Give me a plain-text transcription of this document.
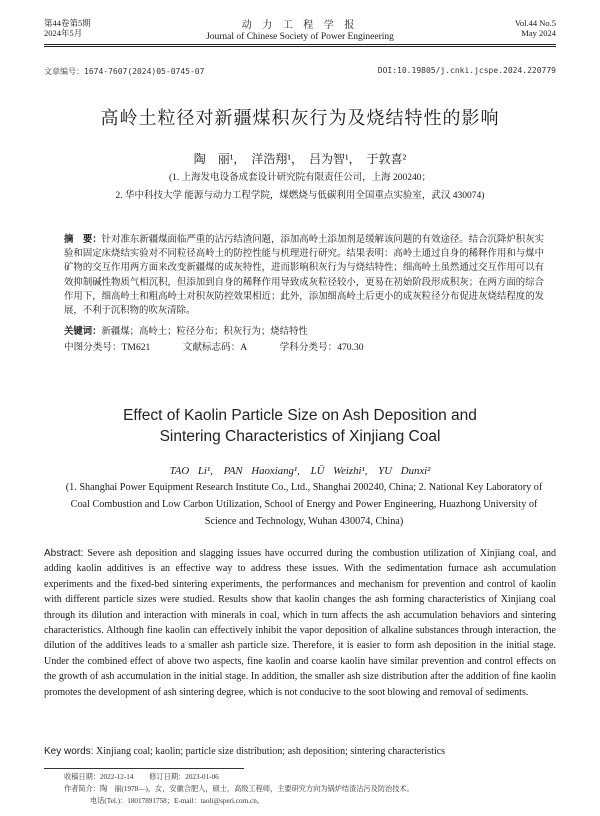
第44卷第5期
2024年5月
动 力 工 程 学 报
Journal of Chinese Society of Power Engineering
Vol.44 No.5
May 2024
文章编号：1674-7607(2024)05-0745-07	DOI:10.19805/j.cnki.jcspe.2024.220779
高岭土粒径对新疆煤积灰行为及烧结特性的影响
陶　丽¹，　洋浩翔¹，　吕为智¹，　于敦喜²
(1. 上海发电设备成套设计研究院有限责任公司，上海 200240；
2. 华中科技大学 能源与动力工程学院，煤燃烧与低碳利用全国重点实验室，武汉 430074)
摘　要：针对准东新疆煤面临严重的沾污结渣问题，添加高岭土添加剂是缓解该问题的有效途径。结合沉降炉积灰实验和固定床烧结实验对不同粒径高岭土的防控性能与机理进行研究。结果表明：高岭土通过自身的稀释作用和与煤中矿物的交互作用两方面来改变新疆煤的成灰特性，进而影响积灰行为与烧结特性；细高岭土虽然通过交互作用可以有效抑制碱性物质气相沉积，但添加到自身的稀释作用导致成灰粒径较小，更易在初始阶段形成积灰；在两方面的综合作用下，细高岭土和粗高岭土对积灰防控效果相近；此外，添加细高岭土后更小的成灰粒径分布促进灰烧结程度的发展，不利于沉积物的吹灰清除。
关键词：新疆煤；高岭土；粒径分布；积灰行为；烧结特性
中图分类号：TM621	文献标志码：A	学科分类号：470.30
Effect of Kaolin Particle Size on Ash Deposition and Sintering Characteristics of Xinjiang Coal
TAO Li¹,　PAN Haoxiang¹,　LÜ Weizhi¹,　YU Dunxi²
(1. Shanghai Power Equipment Research Institute Co., Ltd., Shanghai 200240, China; 2. National Key Laboratory of Coal Combustion and Low Carbon Utilization, School of Energy and Power Engineering, Huazhong University of Science and Technology, Wuhan 430074, China)
Abstract: Severe ash deposition and slagging issues have occurred during the combustion utilization of Xinjiang coal, and adding kaolin additives is an effective way to address these issues. With the sedimentation furnace ash accumulation experiments and the fixed-bed sintering experiments, the performances and mechanism for prevention and control of kaolin with different particle sizes were studied. Results show that kaolin changes the ash forming characteristics of Xinjiang coal through its dilution and interaction with minerals in coal, which in turn affects the ash accumulation behaviors and sintering characteristics. Although fine kaolin can effectively inhibit the vapor deposition of alkaline substances through interaction, the dilution of the additives leads to a smaller ash particle size. Therefore, it is easier to form ash deposition in the initial stage. Under the combined effect of above two aspects, fine kaolin and coarse kaolin have similar prevention and control effects on the growth of ash accumulation in the initial stage. In addition, the smaller ash size distribution after the addition of fine kaolin promotes the development of ash sintering degree, which is not conducive to the soot blowing and removal of sediments.
Key words: Xinjiang coal; kaolin; particle size distribution; ash deposition; sintering characteristics
收稿日期：2022-12-14 修订日期：2023-01-06
作者简介：陶　丽(1978—)，女，安徽合肥人，硕士，高级工程师，主要研究方向为锅炉结渣沾污及防治技术。
电话(Tel.)：18017891758；E-mail：taoli@speri.com.cn。
